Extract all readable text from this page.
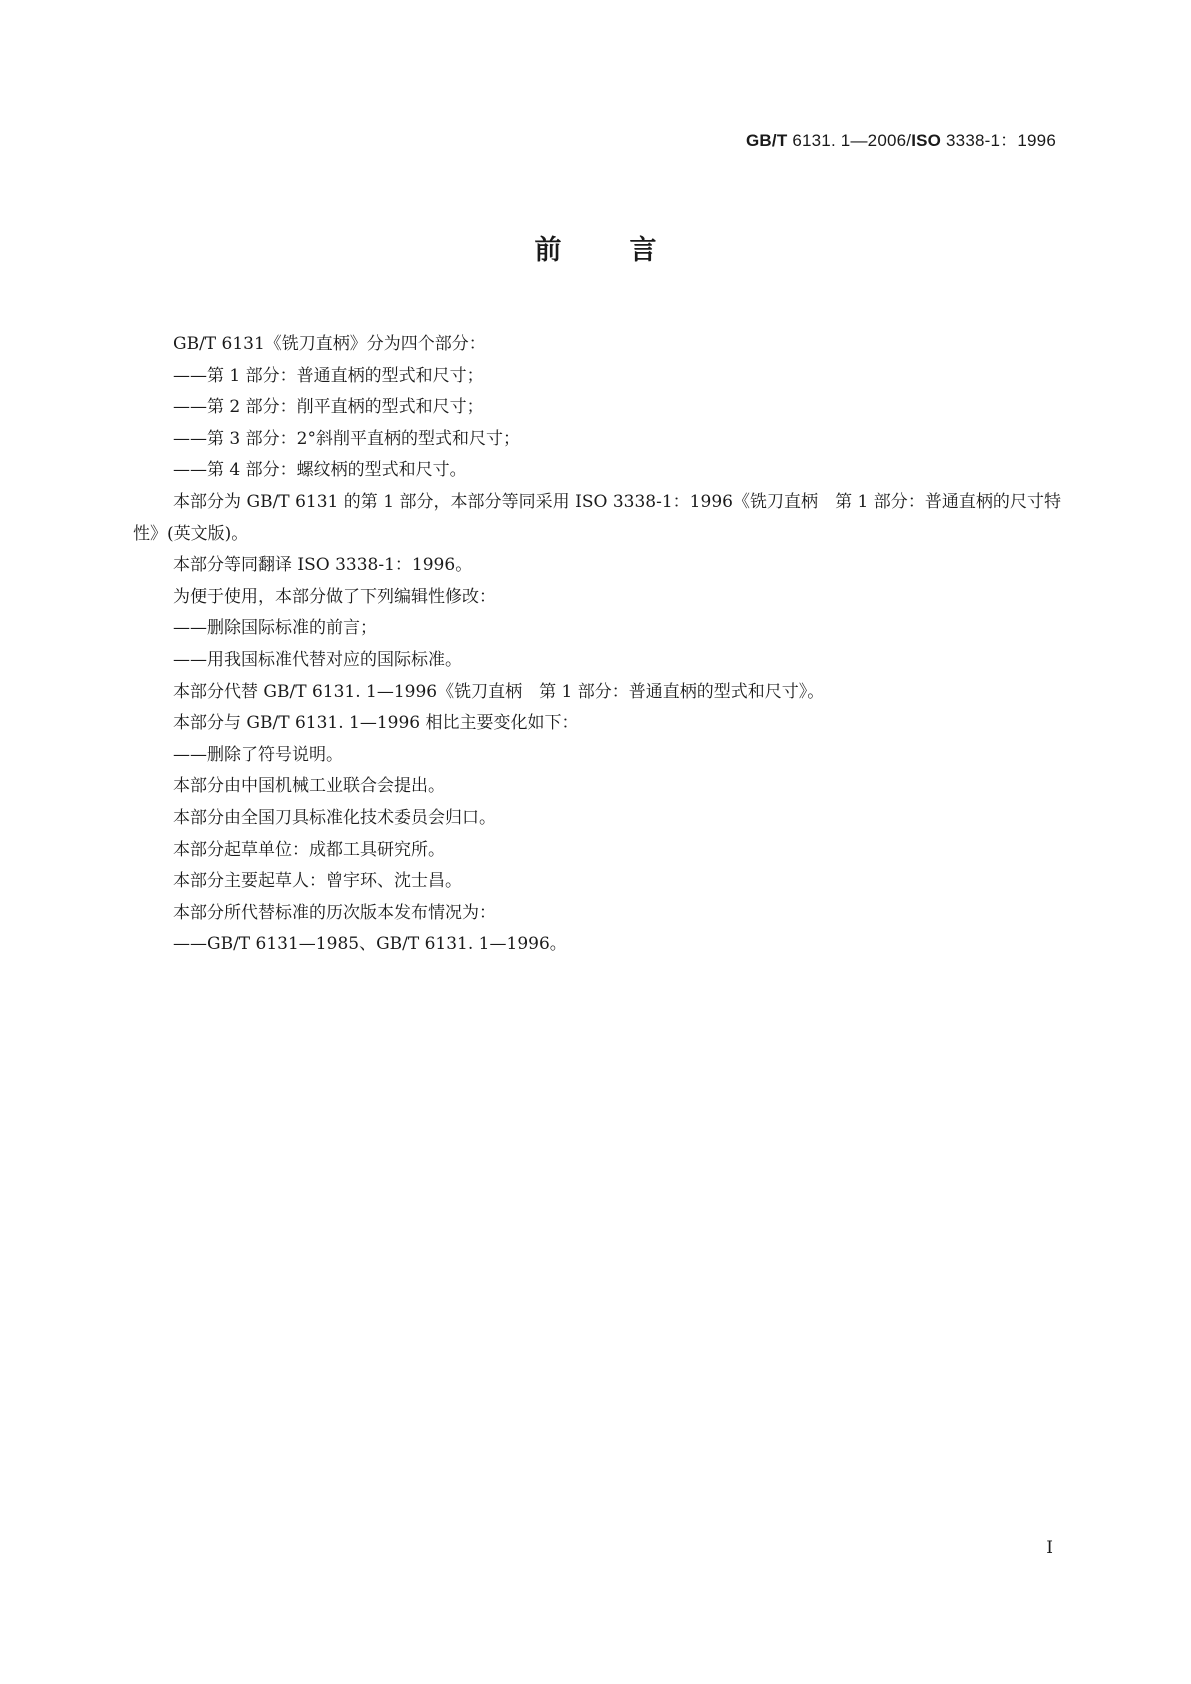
GB/T 6131. 1—2006/ISO 3338-1：1996
前言

GB/T 6131《铣刀直柄》分为四个部分：

——第 1 部分：普通直柄的型式和尺寸；

——第 2 部分：削平直柄的型式和尺寸；

——第 3 部分：2°斜削平直柄的型式和尺寸；

——第 4 部分：螺纹柄的型式和尺寸。

本部分为 GB/T 6131 的第 1 部分，本部分等同采用 ISO 3338-1：1996《铣刀直柄　第 1 部分：普通直柄的尺寸特性》(英文版)。

本部分等同翻译 ISO 3338-1：1996。

为便于使用，本部分做了下列编辑性修改：

——删除国际标准的前言；

——用我国标准代替对应的国际标准。

本部分代替 GB/T 6131. 1—1996《铣刀直柄　第 1 部分：普通直柄的型式和尺寸》。

本部分与 GB/T 6131. 1—1996 相比主要变化如下：

——删除了符号说明。

本部分由中国机械工业联合会提出。

本部分由全国刀具标准化技术委员会归口。

本部分起草单位：成都工具研究所。

本部分主要起草人：曾宇环、沈士昌。

本部分所代替标准的历次版本发布情况为：

——GB/T 6131—1985、GB/T 6131. 1—1996。

I
